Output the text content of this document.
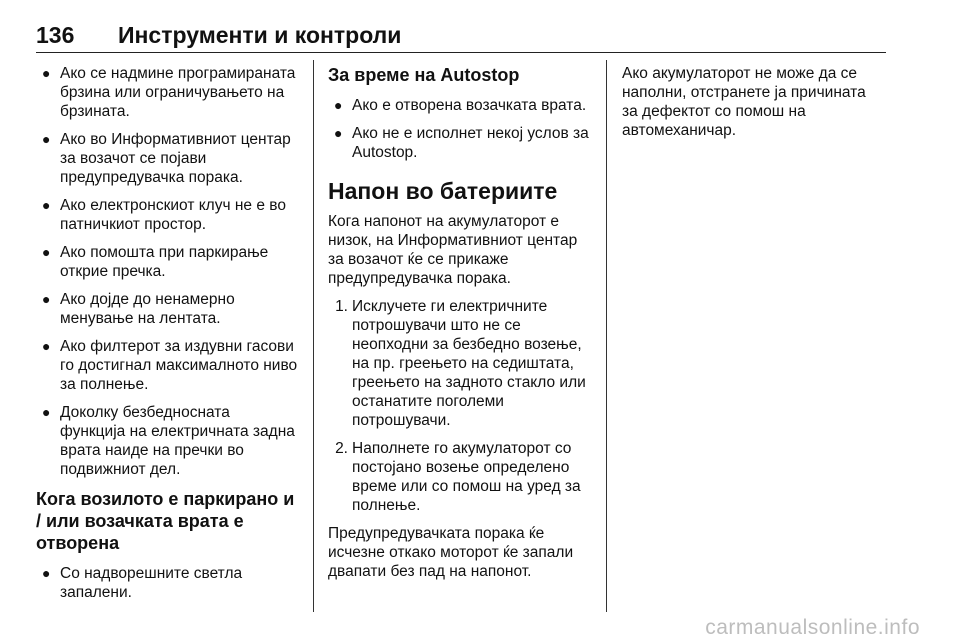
136 Инструменти и контроли
● Ако се надмине програмираната брзина или ограничувањето на брзината.
● Ако во Информативниот центар за возачот се појави предупредувачка порака.
● Ако електронскиот клуч не е во патничкиот простор.
● Ако помошта при паркирање открие пречка.
● Ако дојде до ненамерно менување на лентата.
● Ако филтерот за издувни гасови го достигнал максималното ниво за полнење.
● Доколку безбедносната функција на електричната задна врата наиде на пречки во подвижниот дел.
Кога возилото е паркирано и / или возачката врата е отворена
● Со надворешните светла запалени.
За време на Autostop
● Ако е отворена возачката врата.
● Ако не е исполнет некој услов за Autostop.
Напон во батериите

Кога напонот на акумулаторот е низок, на Информативниот центар за возачот ќе се прикаже предупредувачка порака.

1. Исклучете ги електричните потрошувачи што не се неопходни за безбедно возење, на пр. греењето на седиштата, греењето на задното стакло или останатите поголеми потрошувачи.
2. Наполнете го акумулаторот со постојано возење определено време или со помош на уред за полнење.

Предупредувачката порака ќе исчезне откако моторот ќе запали двапати без пад на напонот.

Ако акумулаторот не може да се наполни, отстранете ја причината за дефектот со помош на автомеханичар.

carmanualsonline.info
